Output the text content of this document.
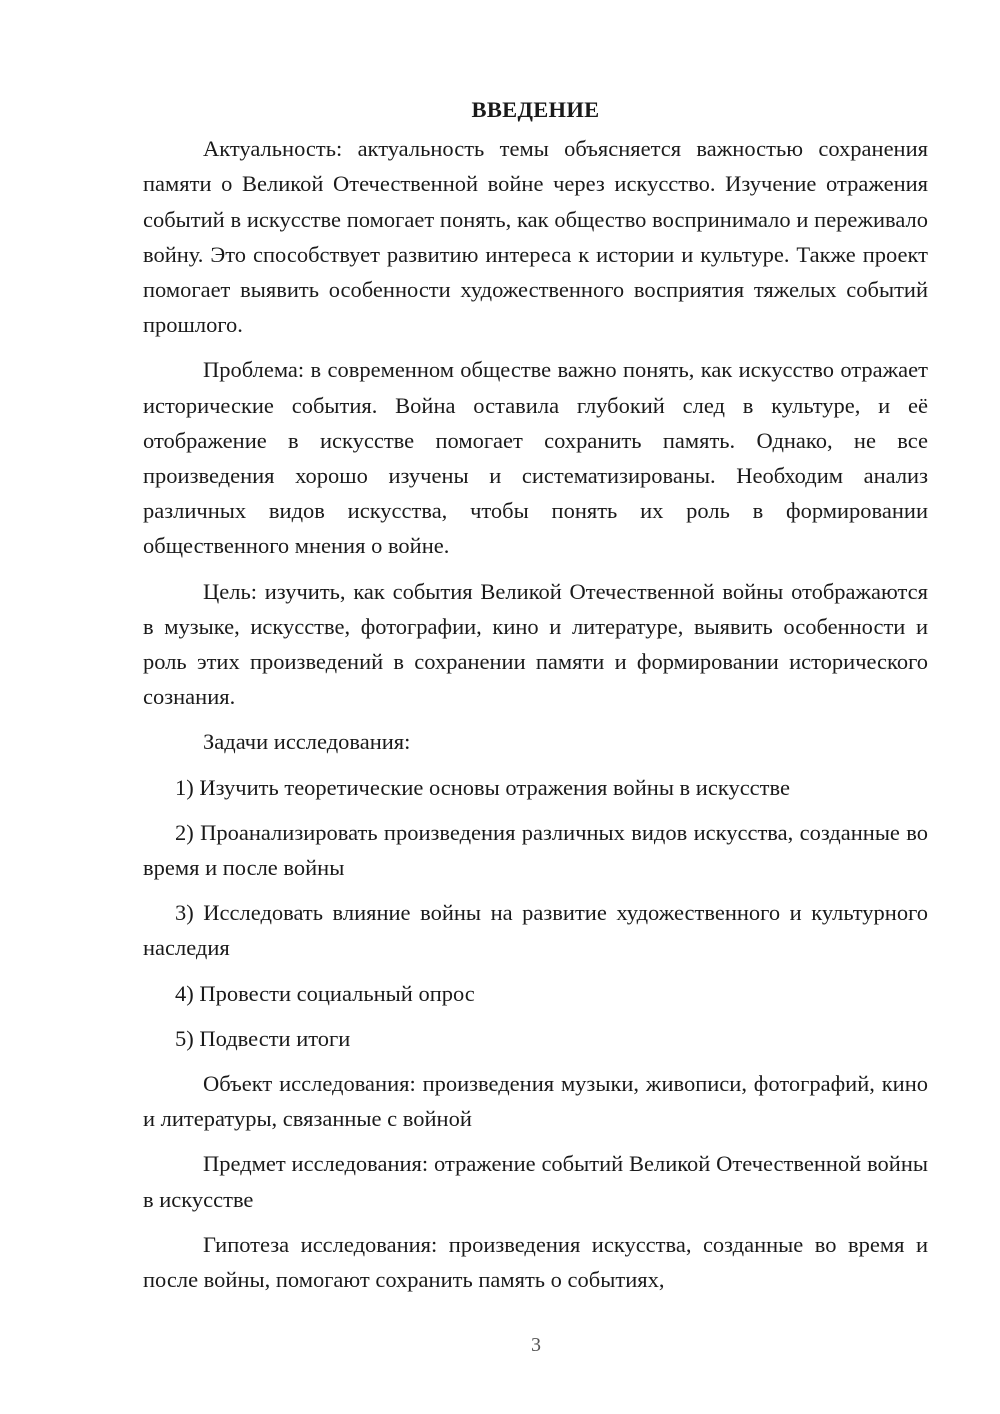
ВВЕДЕНИЕ

Актуальность: актуальность темы объясняется важностью сохранения памяти о Великой Отечественной войне через искусство. Изучение отражения событий в искусстве помогает понять, как общество воспринимало и переживало войну. Это способствует развитию интереса к истории и культуре. Также проект помогает выявить особенности художественного восприятия тяжелых событий прошлого.

Проблема: в современном обществе важно понять, как искусство отражает исторические события. Война оставила глубокий след в культуре, и её отображение в искусстве помогает сохранить память. Однако, не все произведения хорошо изучены и систематизированы. Необходим анализ различных видов искусства, чтобы понять их роль в формировании общественного мнения о войне.

Цель: изучить, как события Великой Отечественной войны отображаются в музыке, искусстве, фотографии, кино и литературе, выявить особенности и роль этих произведений в сохранении памяти и формировании исторического сознания.

Задачи исследования:

1) Изучить теоретические основы отражения войны в искусстве

2) Проанализировать произведения различных видов искусства, созданные во время и после войны

3) Исследовать влияние войны на развитие художественного и культурного наследия

4) Провести социальный опрос

5) Подвести итоги

Объект исследования: произведения музыки, живописи, фотографий, кино и литературы, связанные с войной

Предмет исследования: отражение событий Великой Отечественной войны в искусстве

Гипотеза исследования: произведения искусства, созданные во время и после войны, помогают сохранить память о событиях,

3
